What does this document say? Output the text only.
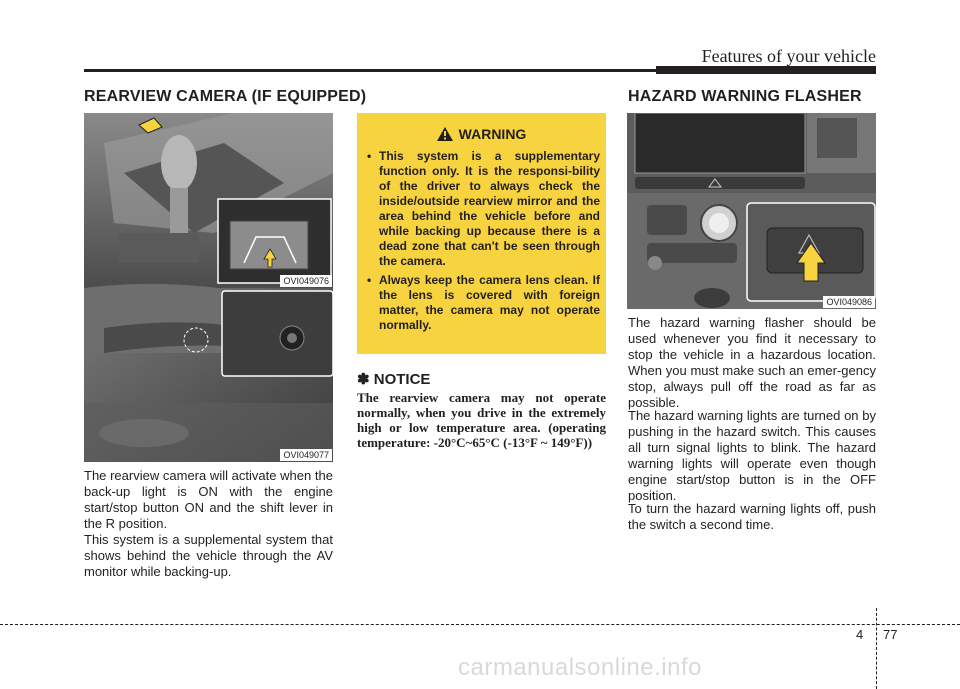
Features of your vehicle
REARVIEW CAMERA (IF EQUIPPED)
OVI049076
OVI049077
The rearview camera will activate when the back-up light is ON with the engine start/stop button ON and the shift lever in the R position.
This system is a supplemental system that shows behind the vehicle through the AV monitor while backing-up.
WARNING
• This system is a supplementary function only. It is the responsi-bility of the driver to always check the inside/outside rearview mirror and the area behind the vehicle before and while backing up because there is a dead zone that can't be seen through the camera.
• Always keep the camera lens clean. If the lens is covered with foreign matter, the camera may not operate normally.
✽ NOTICE
The rearview camera may not operate normally, when you drive in the extremely high or low temperature area. (operating temperature: -20°C~65°C (-13°F ~ 149°F))
HAZARD WARNING FLASHER
OVI049086
The hazard warning flasher should be used whenever you find it necessary to stop the vehicle in a hazardous location. When you must make such an emer-gency stop, always pull off the road as far as possible.
The hazard warning lights are turned on by pushing in the hazard switch. This causes all turn signal lights to blink. The hazard warning lights will operate even though engine start/stop button is in the OFF position.
To turn the hazard warning lights off, push the switch a second time.
4 77
carmanualsonline.info
